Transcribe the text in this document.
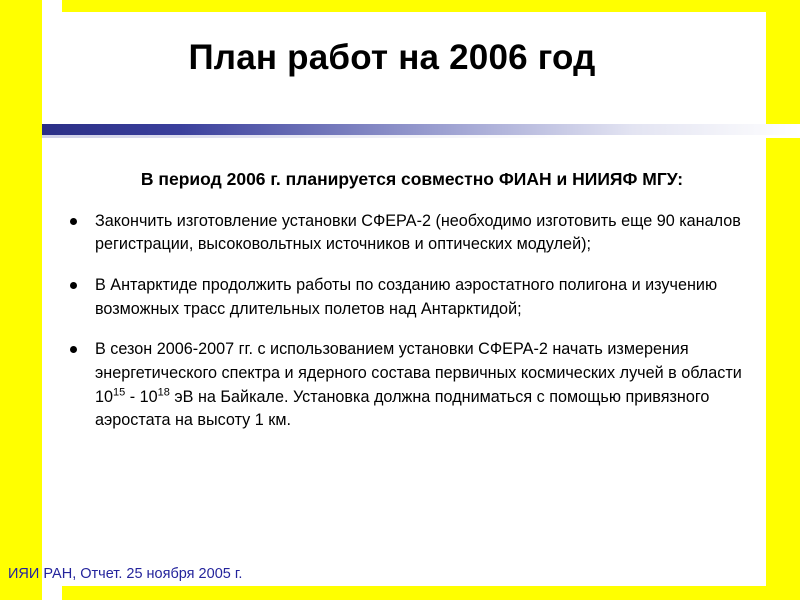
План работ на 2006 год
В период 2006 г. планируется совместно ФИАН и НИИЯФ МГУ:
Закончить изготовление установки СФЕРА-2 (необходимо изготовить еще 90 каналов регистрации, высоковольтных источников и оптических модулей);
В Антарктиде продолжить работы по созданию аэростатного полигона и изучению возможных трасс длительных полетов над Антарктидой;
В сезон 2006-2007 гг. с использованием установки СФЕРА-2 начать измерения энергетического спектра и ядерного состава первичных космических лучей в области $10^{15} - 10^{18}$ эВ на Байкале. Установка должна подниматься с помощью привязного аэростата на высоту 1 км.
ИЯИ РАН, Отчет. 25 ноября 2005 г.
